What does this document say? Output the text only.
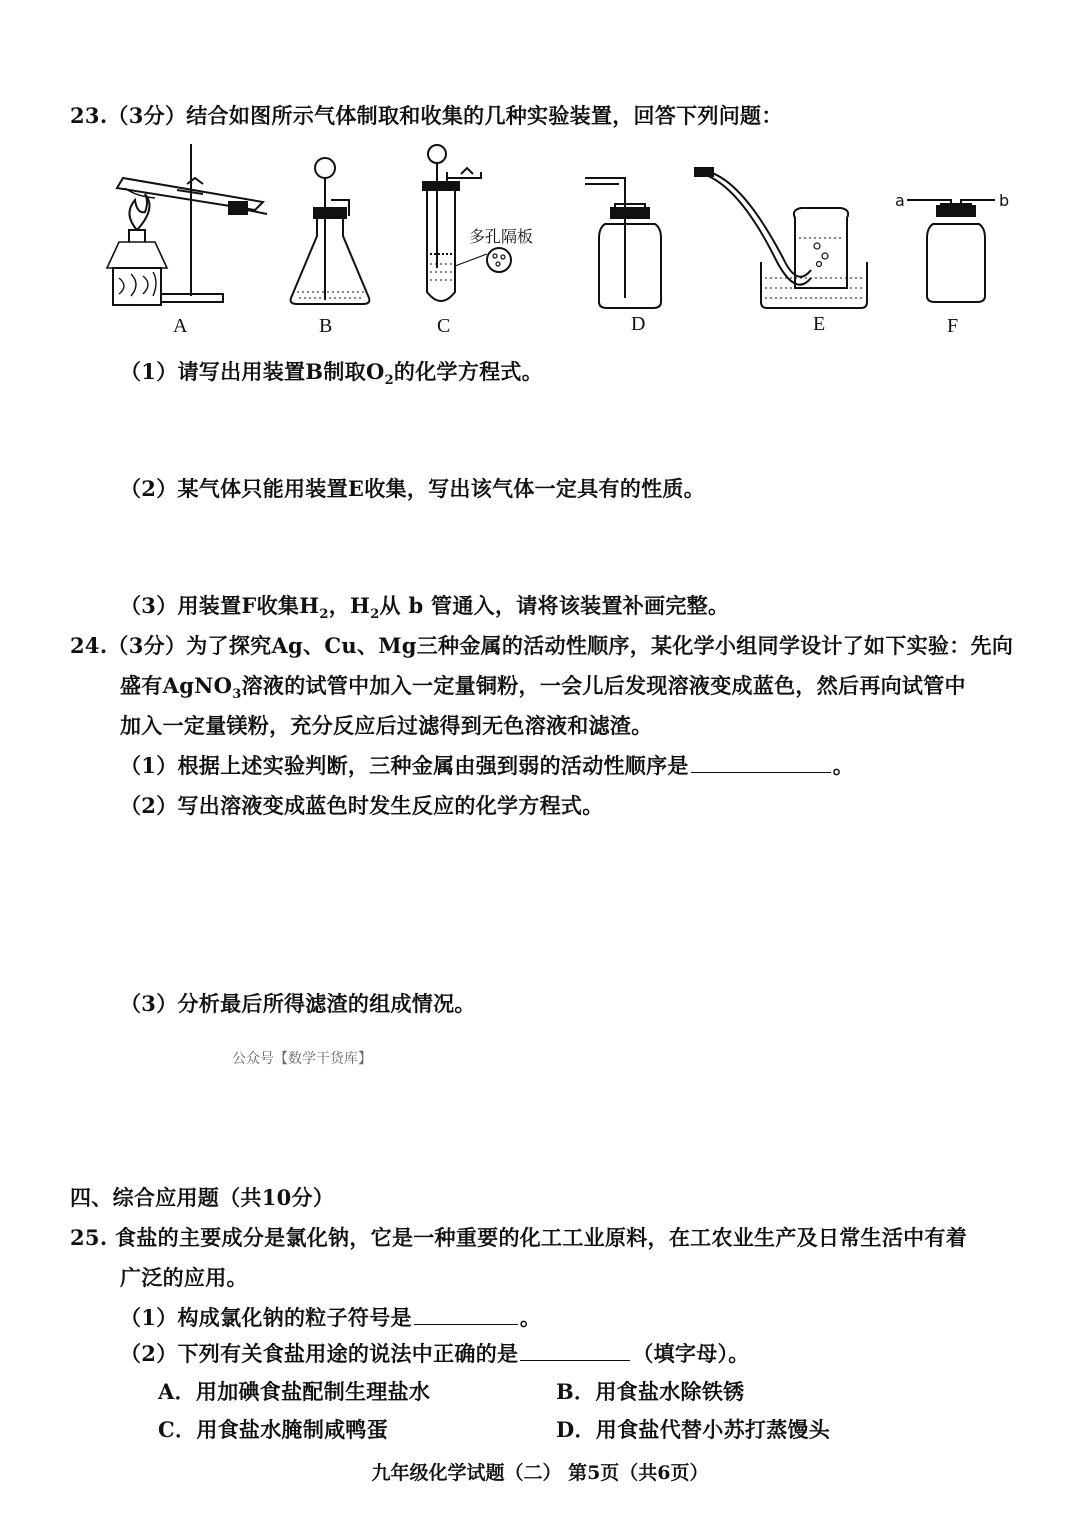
23.（3分）结合如图所示气体制取和收集的几种实验装置，回答下列问题：
A	B	C	D	E	F
多孔隔板
a	b
（1）请写出用装置B制取$O_2$的化学方程式。
（2）某气体只能用装置E收集，写出该气体一定具有的性质。
（3）用装置F收集$H_2$，$H_2$从 b 管通入，请将该装置补画完整。
24.（3分）为了探究Ag、Cu、Mg三种金属的活动性顺序，某化学小组同学设计了如下实验：先向
盛有AgNO$_3$溶液的试管中加入一定量铜粉，一会儿后发现溶液变成蓝色，然后再向试管中
加入一定量镁粉，充分反应后过滤得到无色溶液和滤渣。
（1）根据上述实验判断，三种金属由强到弱的活动性顺序是	。
（2）写出溶液变成蓝色时发生反应的化学方程式。
（3）分析最后所得滤渣的组成情况。
公众号【数学干货库】
四、综合应用题（共10分）
25. 食盐的主要成分是氯化钠，它是一种重要的化工工业原料，在工农业生产及日常生活中有着
广泛的应用。
（1）构成氯化钠的粒子符号是	。
（2）下列有关食盐用途的说法中正确的是	（填字母）。
A．用加碘食盐配制生理盐水	B．用食盐水除铁锈
C．用食盐水腌制咸鸭蛋	D．用食盐代替小苏打蒸馒头
九年级化学试题（二） 第5页（共6页）
